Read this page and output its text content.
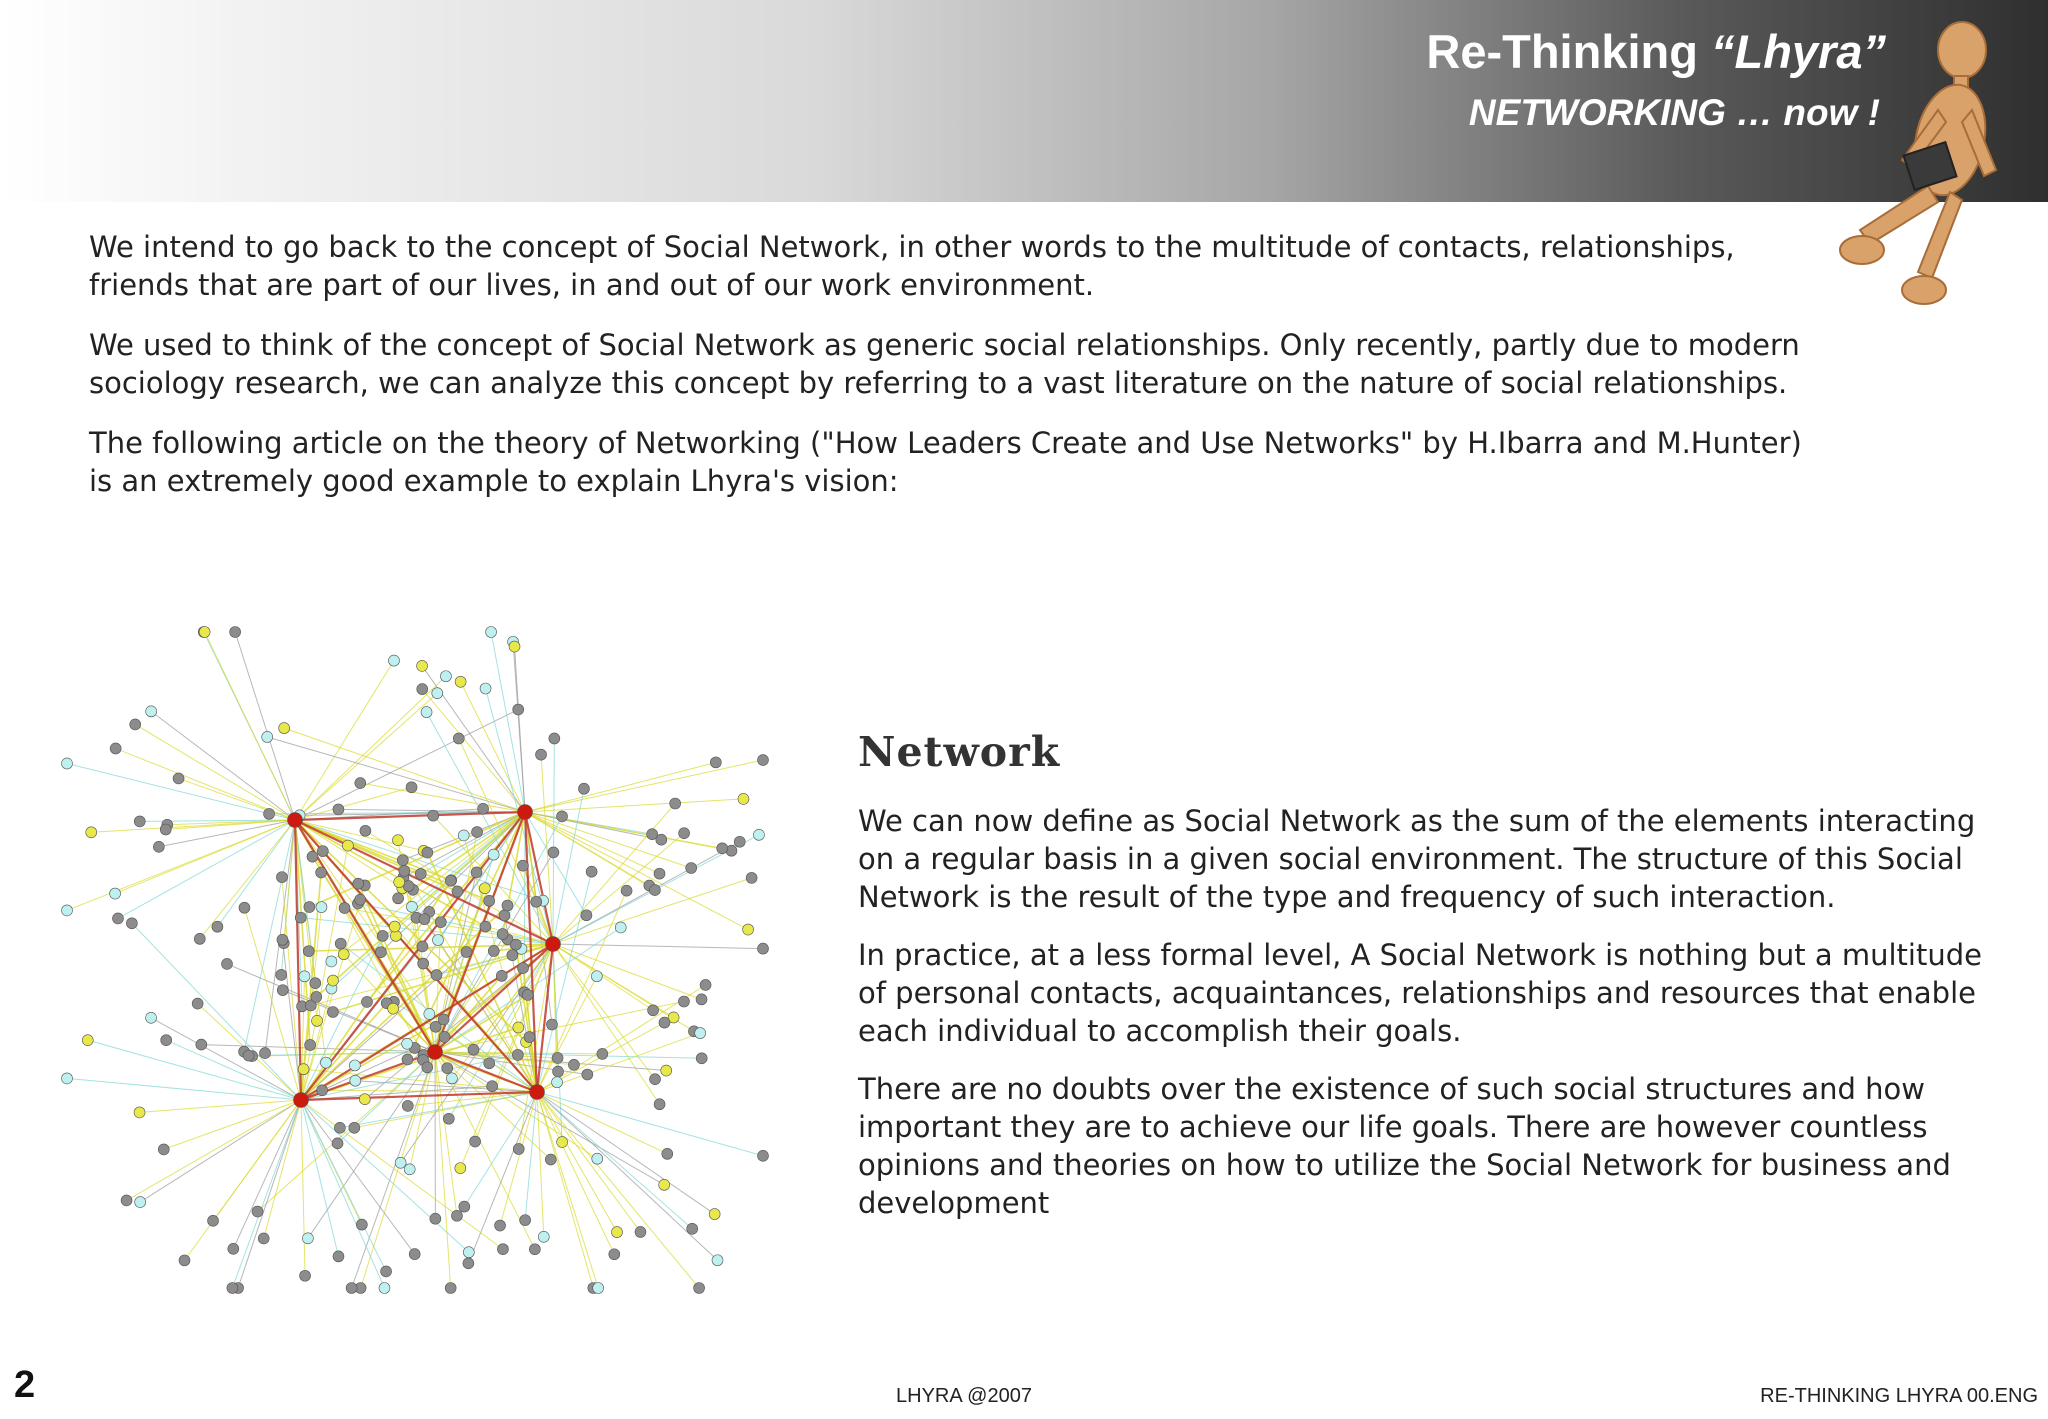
Re-Thinking “Lhyra”
NETWORKING … now !

We intend to go back to the concept of Social Network, in other words to the multitude of contacts, relationships, friends that are part of our lives, in and out of our work environment.

We used to think of the concept of Social Network as generic social relationships. Only recently, partly due to modern sociology research, we can analyze this concept by referring to a vast literature on the nature of social relationships.

The following article on the theory of Networking ("How Leaders Create and Use Networks" by H.Ibarra and M.Hunter) is an extremely good example to explain Lhyra's vision:

Network

We can now define as Social Network as the sum of the elements interacting on a regular basis in a given social environment. The structure of this Social Network is the result of the type and frequency of such interaction.

In practice, at a less formal level, A Social Network is nothing but a multitude of personal contacts, acquaintances, relationships and resources that enable each individual to accomplish their goals.

There are no doubts over the existence of such social structures and how important they are to achieve our life goals. There are however countless opinions and theories on how to utilize the Social Network for business and development

2	LHYRA @2007	RE-THINKING LHYRA 00.ENG
